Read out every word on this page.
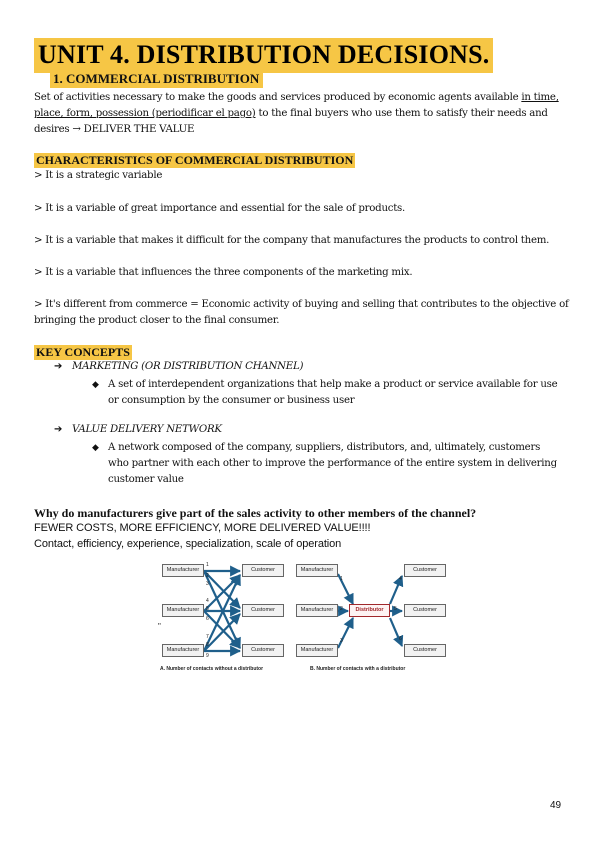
UNIT 4. DISTRIBUTION DECISIONS.
1. COMMERCIAL DISTRIBUTION
Set of activities necessary to make the goods and services produced by economic agents available in time, place, form, possession (periodificar el pago) to the final buyers who use them to satisfy their needs and desires → DELIVER THE VALUE
CHARACTERISTICS OF COMMERCIAL DISTRIBUTION
> It is a strategic variable
> It is a variable of great importance and essential for the sale of products.
> It is a variable that makes it difficult for the company that manufactures the products to control them.
> It is a variable that influences the three components of the marketing mix.
> It's different from commerce = Economic activity of buying and selling that contributes to the objective of bringing the product closer to the final consumer.
KEY CONCEPTS
➔ MARKETING (OR DISTRIBUTION CHANNEL)
◆ A set of interdependent organizations that help make a product or service available for use or consumption by the consumer or business user
➔ VALUE DELIVERY NETWORK
◆ A network composed of the company, suppliers, distributors, and, ultimately, customers who partner with each other to improve the performance of the entire system in delivering customer value
Why do manufacturers give part of the sales activity to other members of the channel?
FEWER COSTS, MORE EFFICIENCY, MORE DELIVERED VALUE!!!!
Contact, efficiency, experience, specialization, scale of operation
Manufacturer
Manufacturer
Manufacturer
Customer
Customer
Customer
1
2
3
4
5
6
7
8
9
Manufacturer
Manufacturer
Manufacturer
Distributor
Customer
Customer
Customer
1
2
3
4
5
6
A. Number of contacts without a distributor	B. Number of contacts with a distributor
"
49
